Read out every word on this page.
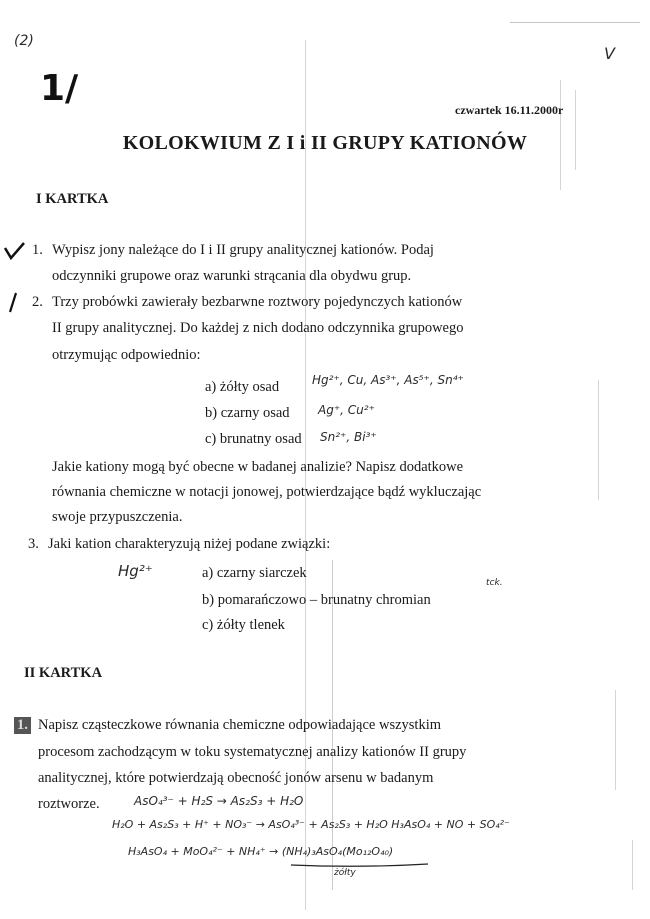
(2)
V
1/
czwartek 16.11.2000r
KOLOKWIUM Z I i II GRUPY KATIONÓW
I KARTKA
1. Wypisz jony należące do I i II grupy analitycznej kationów. Podaj
odczynniki grupowe oraz warunki strącania dla obydwu grup.
2. Trzy probówki zawierały bezbarwne roztwory pojedynczych kationów
II grupy analitycznej. Do każdej z nich dodano odczynnika grupowego
otrzymując odpowiednio:
a) żółty osad
b) czarny osad
c) brunatny osad
Hg²⁺, Cu, As³⁺, As⁵⁺, Sn⁴⁺
Ag⁺, Cu²⁺
Sn²⁺, Bi³⁺
Jakie kationy mogą być obecne w badanej analizie? Napisz dodatkowe
równania chemiczne w notacji jonowej, potwierdzające bądź wykluczając
swoje przypuszczenia.
3. Jaki kation charakteryzują niżej podane związki:
Hg²⁺
tck.
a) czarny siarczek
b) pomarańczowo – brunatny chromian
c) żółty tlenek
II KARTKA
1. Napisz cząsteczkowe równania chemiczne odpowiadające wszystkim
procesom zachodzącym w toku systematycznej analizy kationów II grupy
analitycznej, które potwierdzają obecność jonów arsenu w badanym
roztworze.	AsO₄³⁻ + H₂S → As₂S₃ + H₂O
H₂O + As₂S₃ + H⁺ + NO₃⁻ → AsO₄³⁻ + As₂S₃ + H₂O H₃AsO₄ + NO + SO₄²⁻
H₃AsO₄ + MoO₄²⁻ + NH₄⁺ → (NH₄)₃AsO₄(Mo₁₂O₄₀)
żółty
